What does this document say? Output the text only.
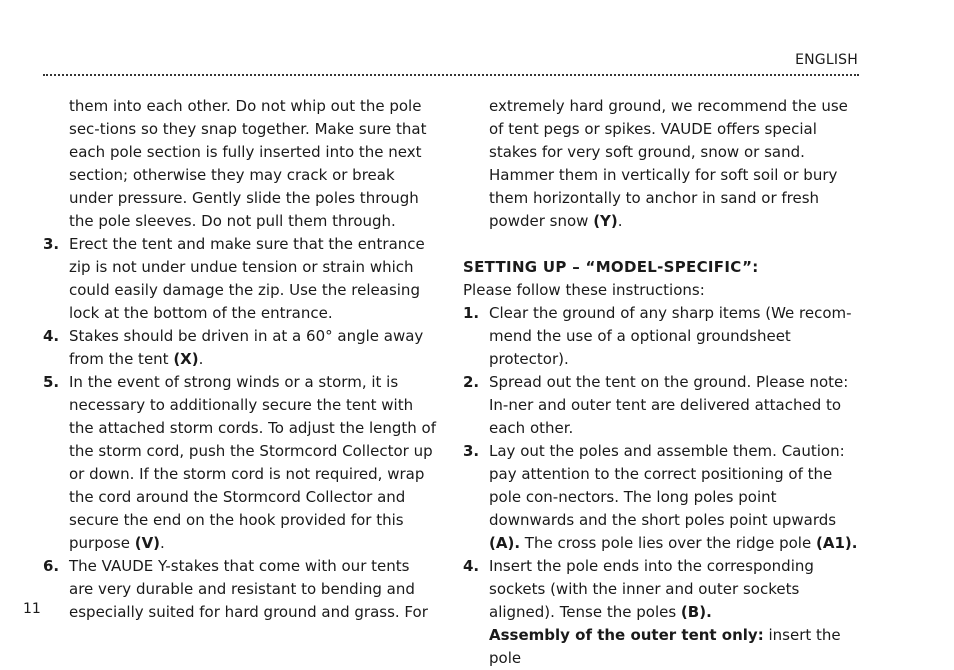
ENGLISH

them into each other. Do not whip out the pole sec-tions so they snap together. Make sure that each pole section is fully inserted into the next section; otherwise they may crack or break under pressure. Gently slide the poles through the pole sleeves. Do not pull them through.

3. Erect the tent and make sure that the entrance zip is not under undue tension or strain which could easily damage the zip. Use the releasing lock at the bottom of the entrance.
4. Stakes should be driven in at a 60° angle away from the tent (X).
5. In the event of strong winds or a storm, it is necessary to additionally secure the tent with the attached storm cords. To adjust the length of the storm cord, push the Stormcord Collector up or down. If the storm cord is not required, wrap the cord around the Stormcord Collector and secure the end on the hook provided for this purpose (V).
6. The VAUDE Y-stakes that come with our tents are very durable and resistant to bending and especially suited for hard ground and grass. For

extremely hard ground, we recommend the use of tent pegs or spikes. VAUDE offers special stakes for very soft ground, snow or sand. Hammer them in vertically for soft soil or bury them horizontally to anchor in sand or fresh powder snow (Y).

SETTING UP – “MODEL-SPECIFIC”:

Please follow these instructions:

1. Clear the ground of any sharp items (We recom-mend the use of a optional groundsheet protector).
2. Spread out the tent on the ground. Please note: In-ner and outer tent are delivered attached to each other.
3. Lay out the poles and assemble them. Caution: pay attention to the correct positioning of the pole con-nectors. The long poles point downwards and the short poles point upwards (A). The cross pole lies over the ridge pole (A1).
4. Insert the pole ends into the corresponding sockets (with the inner and outer sockets aligned). Tense the poles (B).
Assembly of the outer tent only: insert the pole
11
